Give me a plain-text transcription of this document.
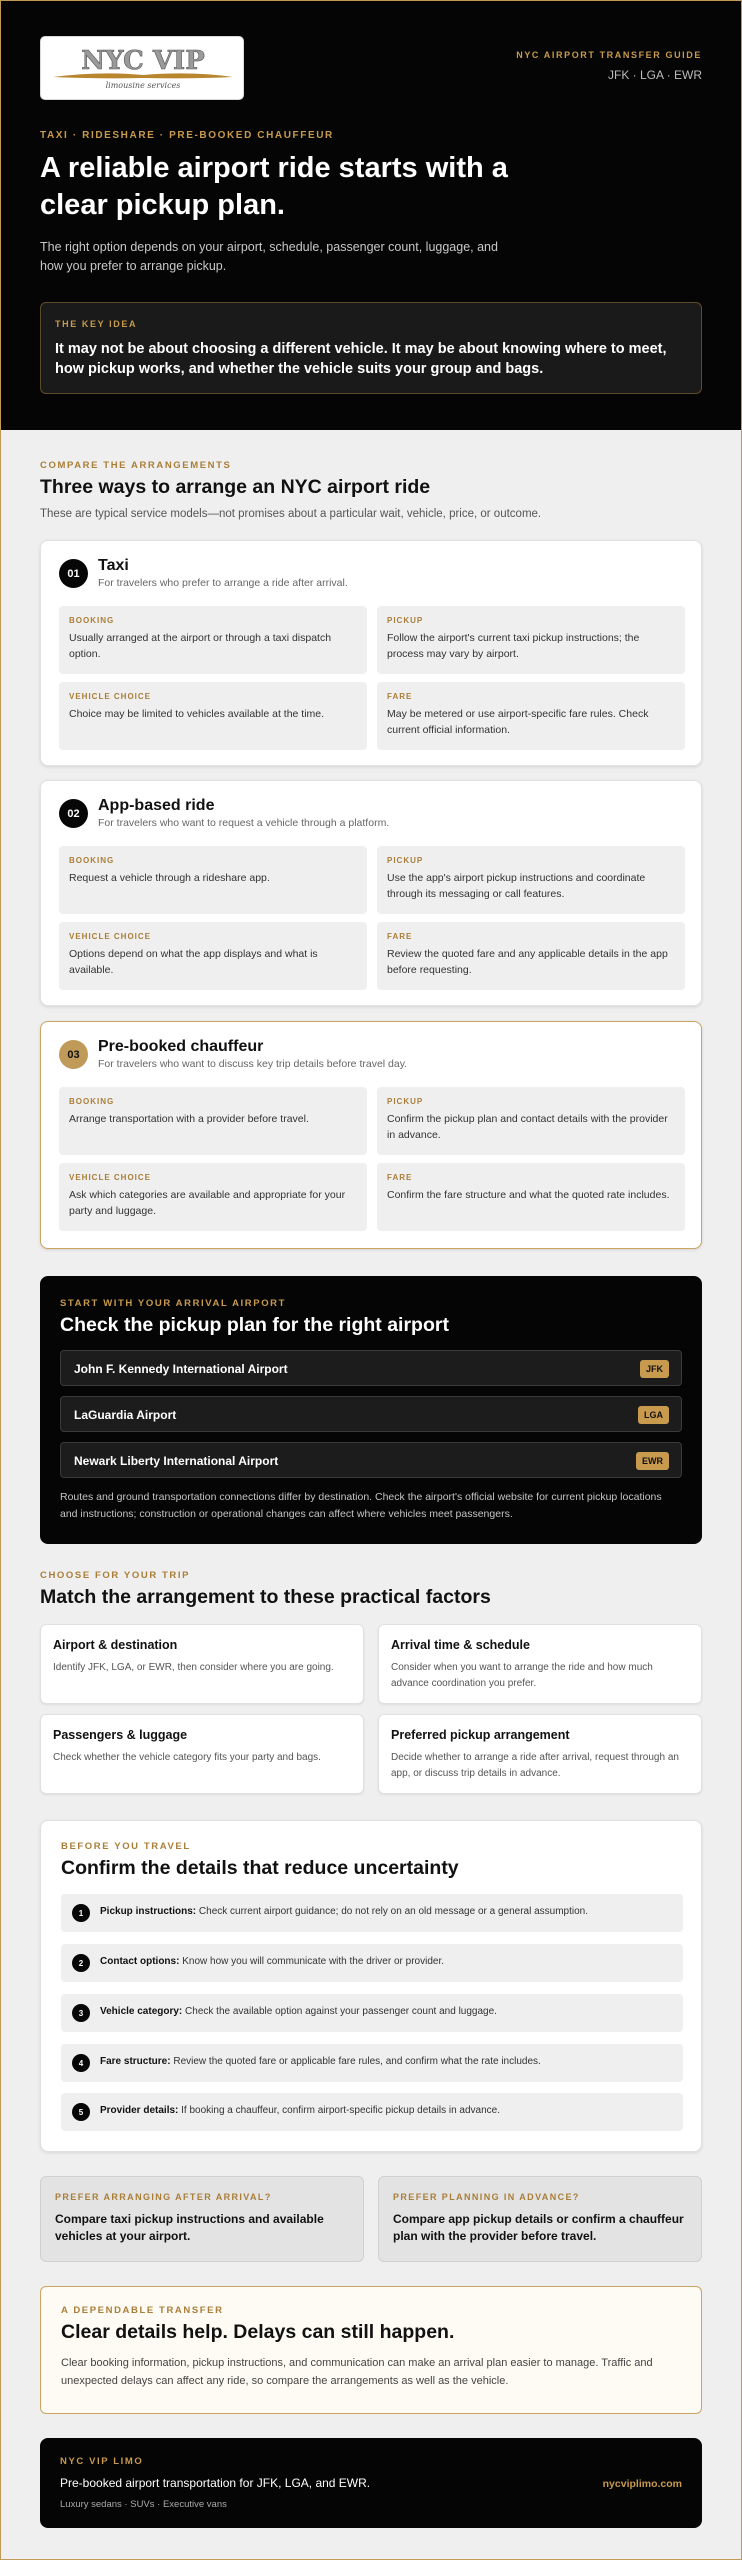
NYC VIP
limousine services
NYC AIRPORT TRANSFER GUIDE
JFK · LGA · EWR
TAXI · RIDESHARE · PRE-BOOKED CHAUFFEUR
A reliable airport ride starts with a clear pickup plan.

The right option depends on your airport, schedule, passenger count, luggage, and how you prefer to arrange pickup.

THE KEY IDEA
It may not be about choosing a different vehicle. It may be about knowing where to meet, how pickup works, and whether the vehicle suits your group and bags.
COMPARE THE ARRANGEMENTS
Three ways to arrange an NYC airport ride

These are typical service models—not promises about a particular wait, vehicle, price, or outcome.

01	Taxi
For travelers who prefer to arrange a ride after arrival.
BOOKING
Usually arranged at the airport or through a taxi dispatch option.
PICKUP
Follow the airport's current taxi pickup instructions; the process may vary by airport.
VEHICLE CHOICE
Choice may be limited to vehicles available at the time.
FARE
May be metered or use airport-specific fare rules. Check current official information.
02	App-based ride
For travelers who want to request a vehicle through a platform.
BOOKING
Request a vehicle through a rideshare app.
PICKUP
Use the app's airport pickup instructions and coordinate through its messaging or call features.
VEHICLE CHOICE
Options depend on what the app displays and what is available.
FARE
Review the quoted fare and any applicable details in the app before requesting.
03	Pre-booked chauffeur
For travelers who want to discuss key trip details before travel day.
BOOKING
Arrange transportation with a provider before travel.
PICKUP
Confirm the pickup plan and contact details with the provider in advance.
VEHICLE CHOICE
Ask which categories are available and appropriate for your party and luggage.
FARE
Confirm the fare structure and what the quoted rate includes.
START WITH YOUR ARRIVAL AIRPORT
Check the pickup plan for the right airport
John F. Kennedy International Airport	JFK
LaGuardia Airport	LGA
Newark Liberty International Airport	EWR

Routes and ground transportation connections differ by destination. Check the airport's official website for current pickup locations and instructions; construction or operational changes can affect where vehicles meet passengers.

CHOOSE FOR YOUR TRIP
Match the arrangement to these practical factors
Airport & destination
Identify JFK, LGA, or EWR, then consider where you are going.
Arrival time & schedule
Consider when you want to arrange the ride and how much advance coordination you prefer.
Passengers & luggage
Check whether the vehicle category fits your party and bags.
Preferred pickup arrangement
Decide whether to arrange a ride after arrival, request through an app, or discuss trip details in advance.
BEFORE YOU TRAVEL
Confirm the details that reduce uncertainty
1	Pickup instructions: Check current airport guidance; do not rely on an old message or a general assumption.
2	Contact options: Know how you will communicate with the driver or provider.
3	Vehicle category: Check the available option against your passenger count and luggage.
4	Fare structure: Review the quoted fare or applicable fare rules, and confirm what the rate includes.
5	Provider details: If booking a chauffeur, confirm airport-specific pickup details in advance.
PREFER ARRANGING AFTER ARRIVAL?
Compare taxi pickup instructions and available vehicles at your airport.
PREFER PLANNING IN ADVANCE?
Compare app pickup details or confirm a chauffeur plan with the provider before travel.
A DEPENDABLE TRANSFER
Clear details help. Delays can still happen.

Clear booking information, pickup instructions, and communication can make an arrival plan easier to manage. Traffic and unexpected delays can affect any ride, so compare the arrangements as well as the vehicle.

NYC VIP LIMO
Pre-booked airport transportation for JFK, LGA, and EWR.
Luxury sedans · SUVs · Executive vans
nycviplimo.com
